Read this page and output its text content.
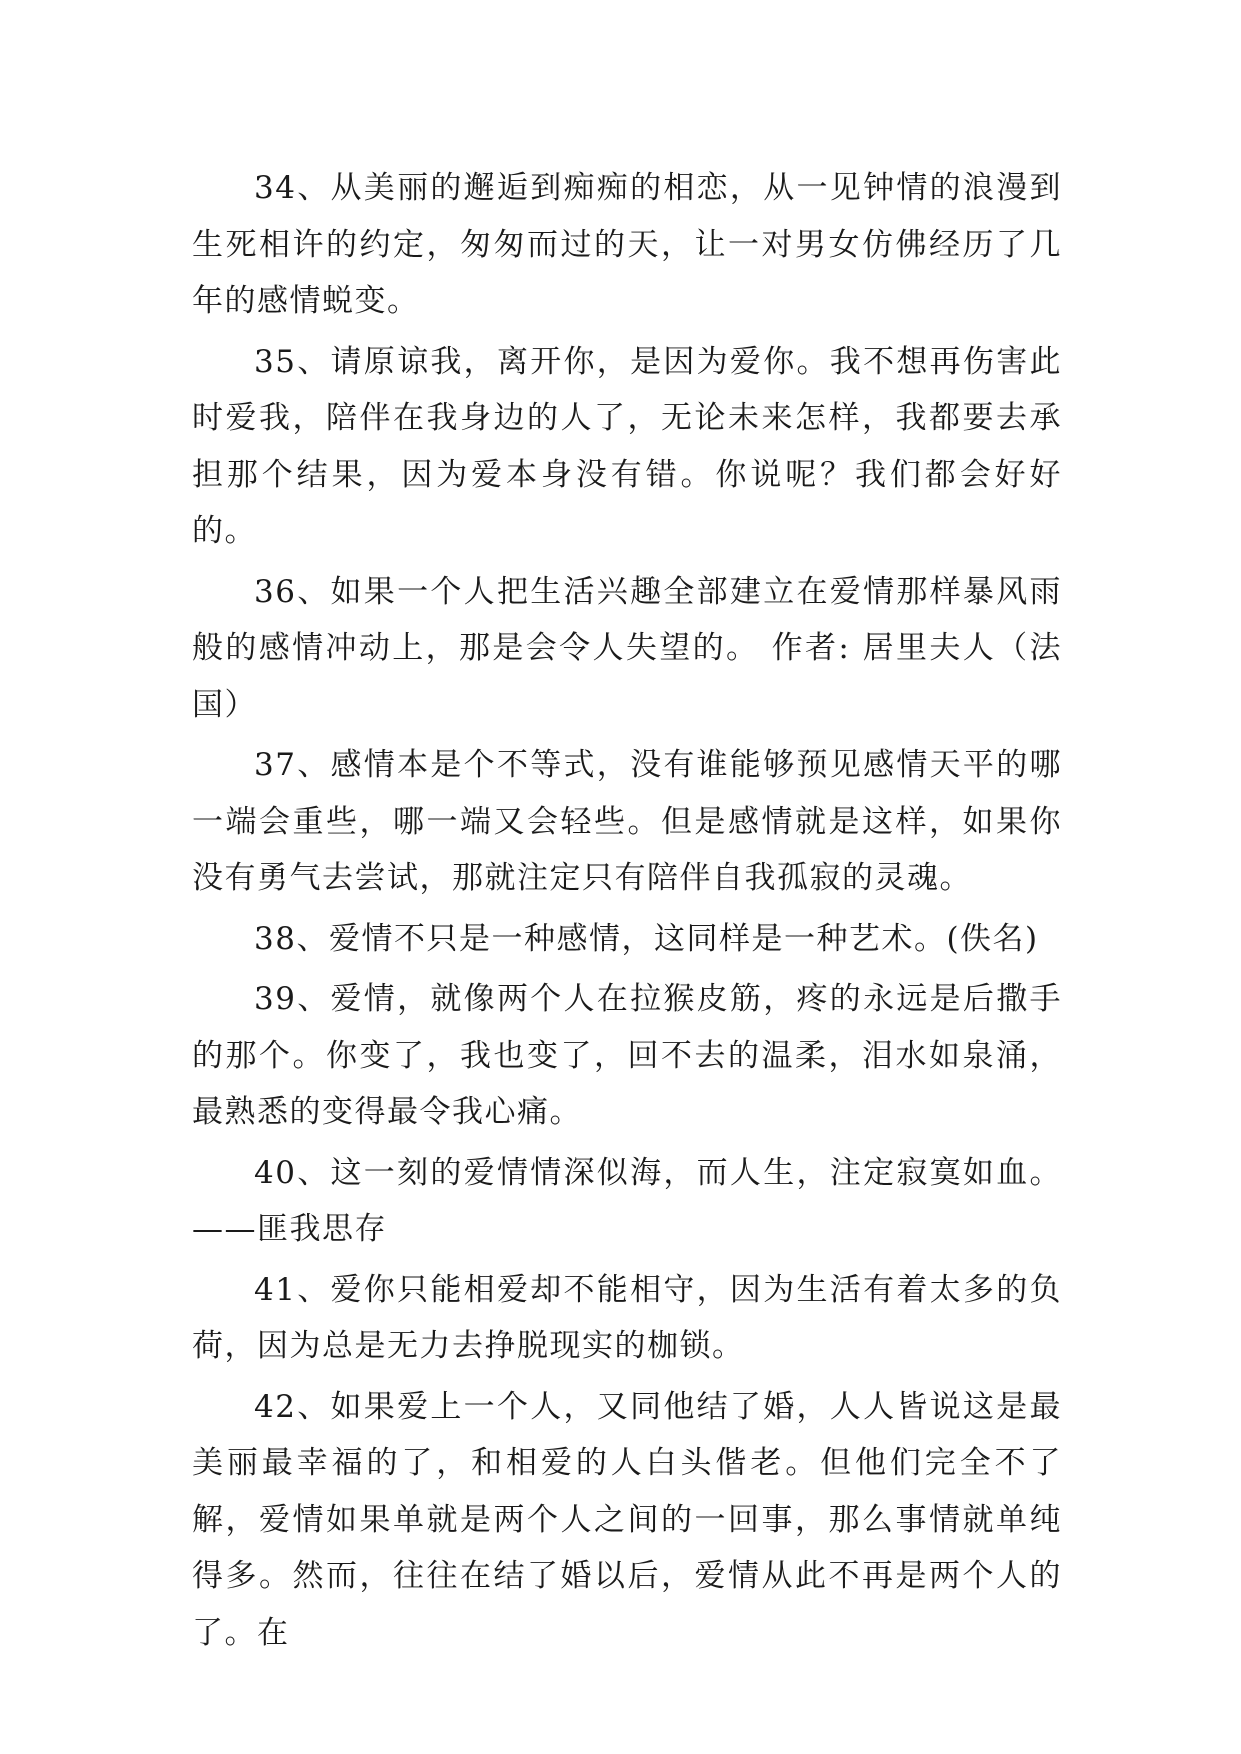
34、从美丽的邂逅到痴痴的相恋，从一见钟情的浪漫到生死相许的约定，匆匆而过的天，让一对男女仿佛经历了几年的感情蜕变。

35、请原谅我，离开你，是因为爱你。我不想再伤害此时爱我，陪伴在我身边的人了，无论未来怎样，我都要去承担那个结果，因为爱本身没有错。你说呢？我们都会好好的。

36、如果一个人把生活兴趣全部建立在爱情那样暴风雨般的感情冲动上，那是会令人失望的。 作者: 居里夫人（法国）

37、感情本是个不等式，没有谁能够预见感情天平的哪一端会重些，哪一端又会轻些。但是感情就是这样，如果你没有勇气去尝试，那就注定只有陪伴自我孤寂的灵魂。

38、爱情不只是一种感情，这同样是一种艺术。(佚名)

39、爱情，就像两个人在拉猴皮筋，疼的永远是后撒手的那个。你变了，我也变了，回不去的温柔，泪水如泉涌，最熟悉的变得最令我心痛。

40、这一刻的爱情情深似海，而人生，注定寂寞如血。——匪我思存

41、爱你只能相爱却不能相守，因为生活有着太多的负荷，因为总是无力去挣脱现实的枷锁。

42、如果爱上一个人，又同他结了婚，人人皆说这是最美丽最幸福的了，和相爱的人白头偕老。但他们完全不了解，爱情如果单就是两个人之间的一回事，那么事情就单纯得多。然而，往往在结了婚以后，爱情从此不再是两个人的了。在
